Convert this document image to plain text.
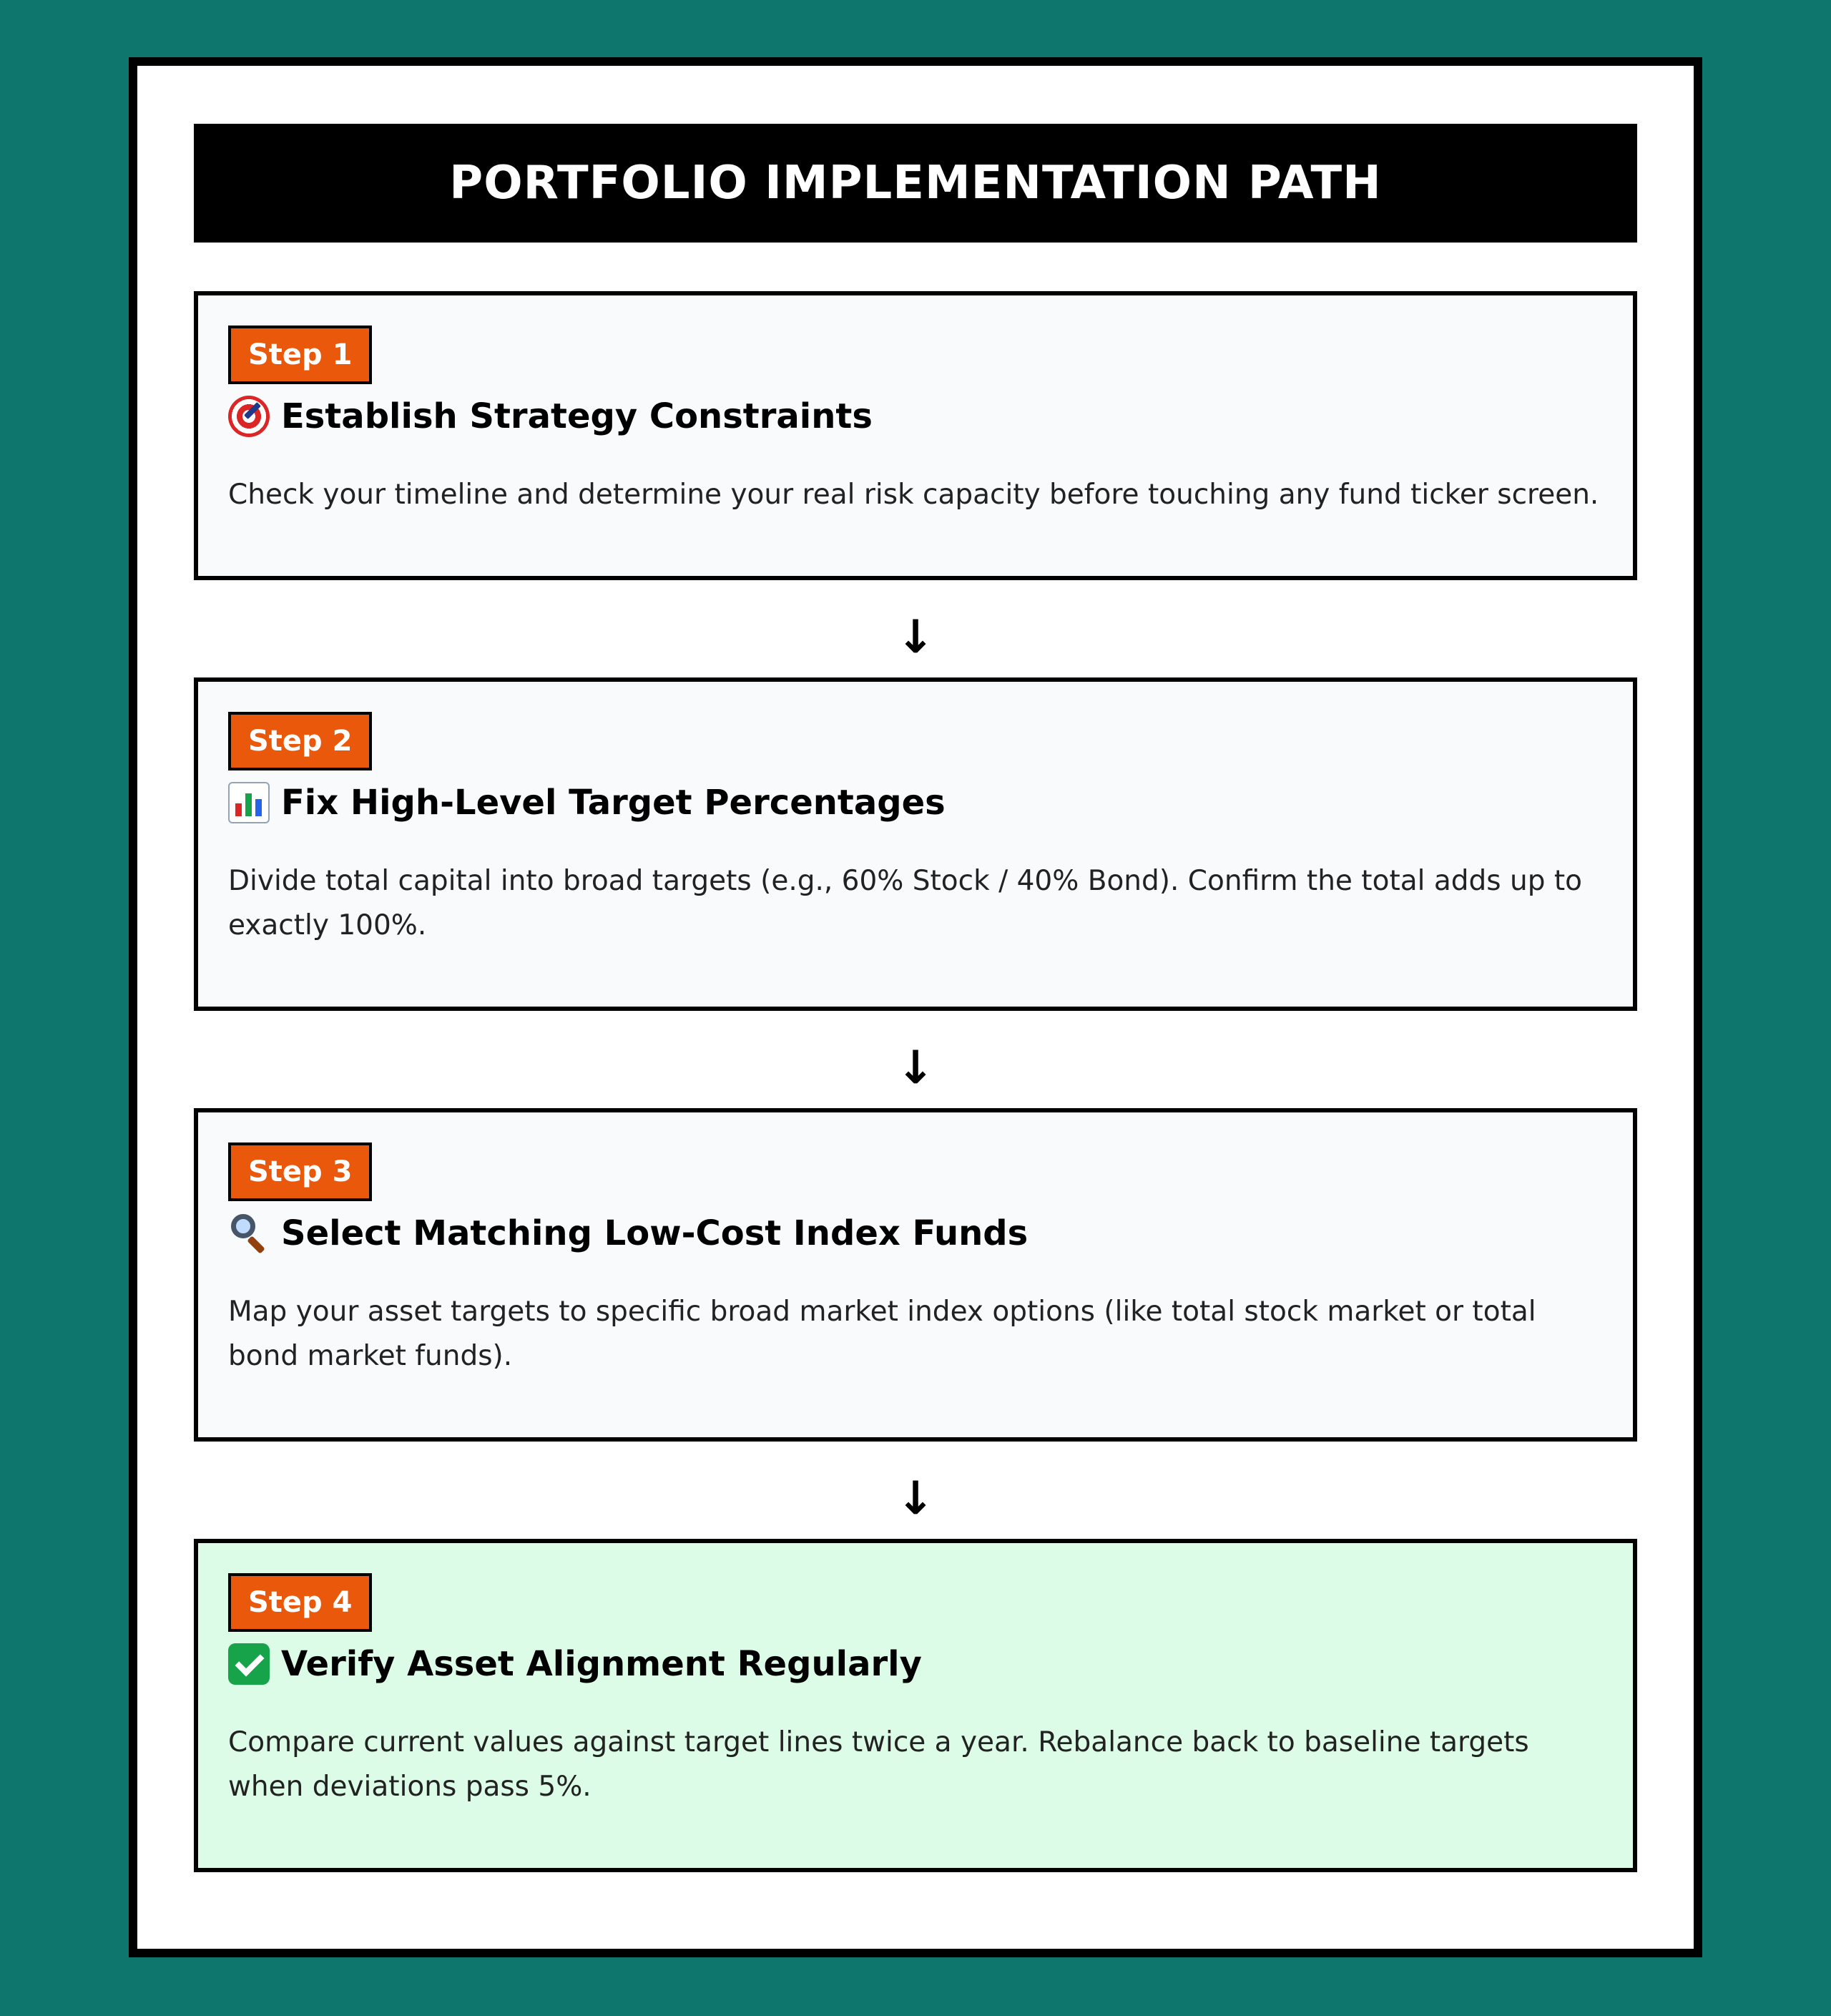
PORTFOLIO IMPLEMENTATION PATH
Step 1
Establish Strategy Constraints
Check your timeline and determine your real risk capacity before touching any fund ticker screen.
↓
Step 2
Fix High-Level Target Percentages
Divide total capital into broad targets (e.g., 60% Stock / 40% Bond). Confirm the total adds up to exactly 100%.
↓
Step 3
Select Matching Low-Cost Index Funds
Map your asset targets to specific broad market index options (like total stock market or total bond market funds).
↓
Step 4
Verify Asset Alignment Regularly
Compare current values against target lines twice a year. Rebalance back to baseline targets when deviations pass 5%.
